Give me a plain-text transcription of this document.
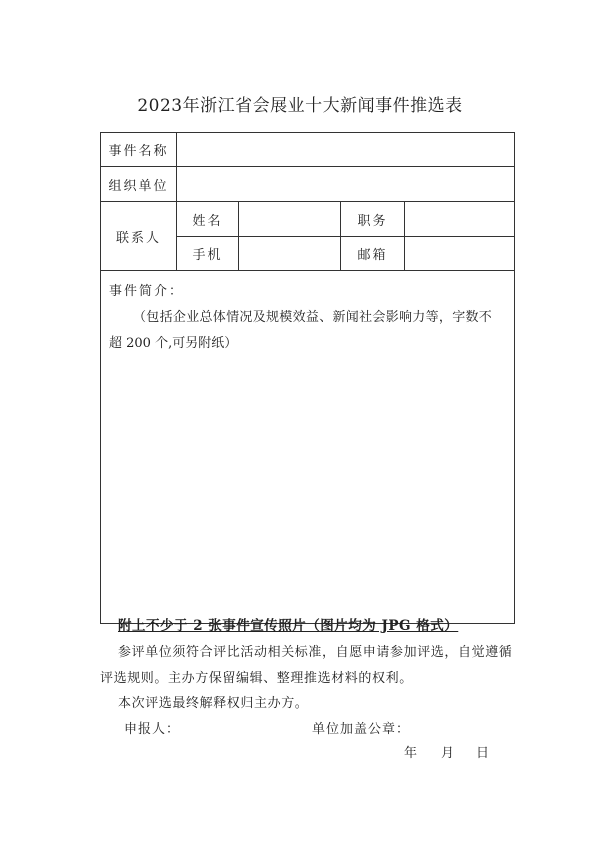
2023年浙江省会展业十大新闻事件推选表
事件名称				
组织单位				
联系人	姓名		职务	
	手机		邮箱	

事件简介：
（包括企业总体情况及规模效益、新闻社会影响力等，字数不
超 200 个,可另附纸）				
附上不少于 2 张事件宣传照片（图片均为 JPG 格式）
参评单位须符合评比活动相关标准，自愿申请参加评选，自觉遵循
评选规则。主办方保留编辑、整理推选材料的权利。
本次评选最终解释权归主办方。
申报人：	单位加盖公章：
年 月 日
